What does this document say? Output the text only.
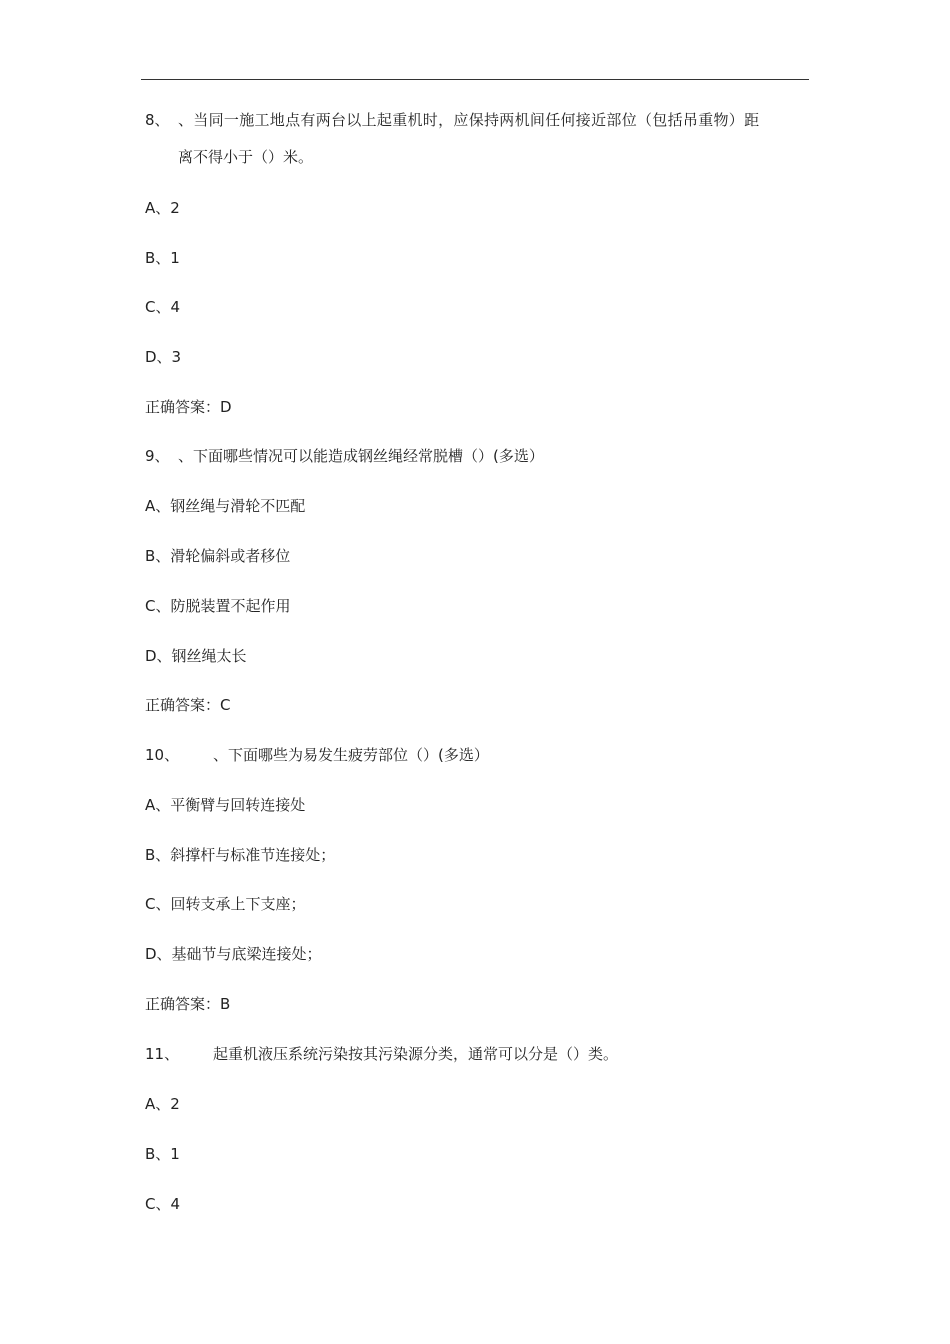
8、 、当同一施工地点有两台以上起重机时，应保持两机间任何接近部位（包括吊重物）距
离不得小于（）米。
A、2
B、1
C、4
D、3
正确答案：D
9、 、下面哪些情况可以能造成钢丝绳经常脱槽（）(多选）
A、钢丝绳与滑轮不匹配
B、滑轮偏斜或者移位
C、防脱装置不起作用
D、钢丝绳太长
正确答案：C
10、 、下面哪些为易发生疲劳部位（）(多选）
A、平衡臂与回转连接处
B、斜撑杆与标准节连接处；
C、回转支承上下支座；
D、基础节与底梁连接处；
正确答案：B
11、 起重机液压系统污染按其污染源分类，通常可以分是（）类。
A、2
B、1
C、4
